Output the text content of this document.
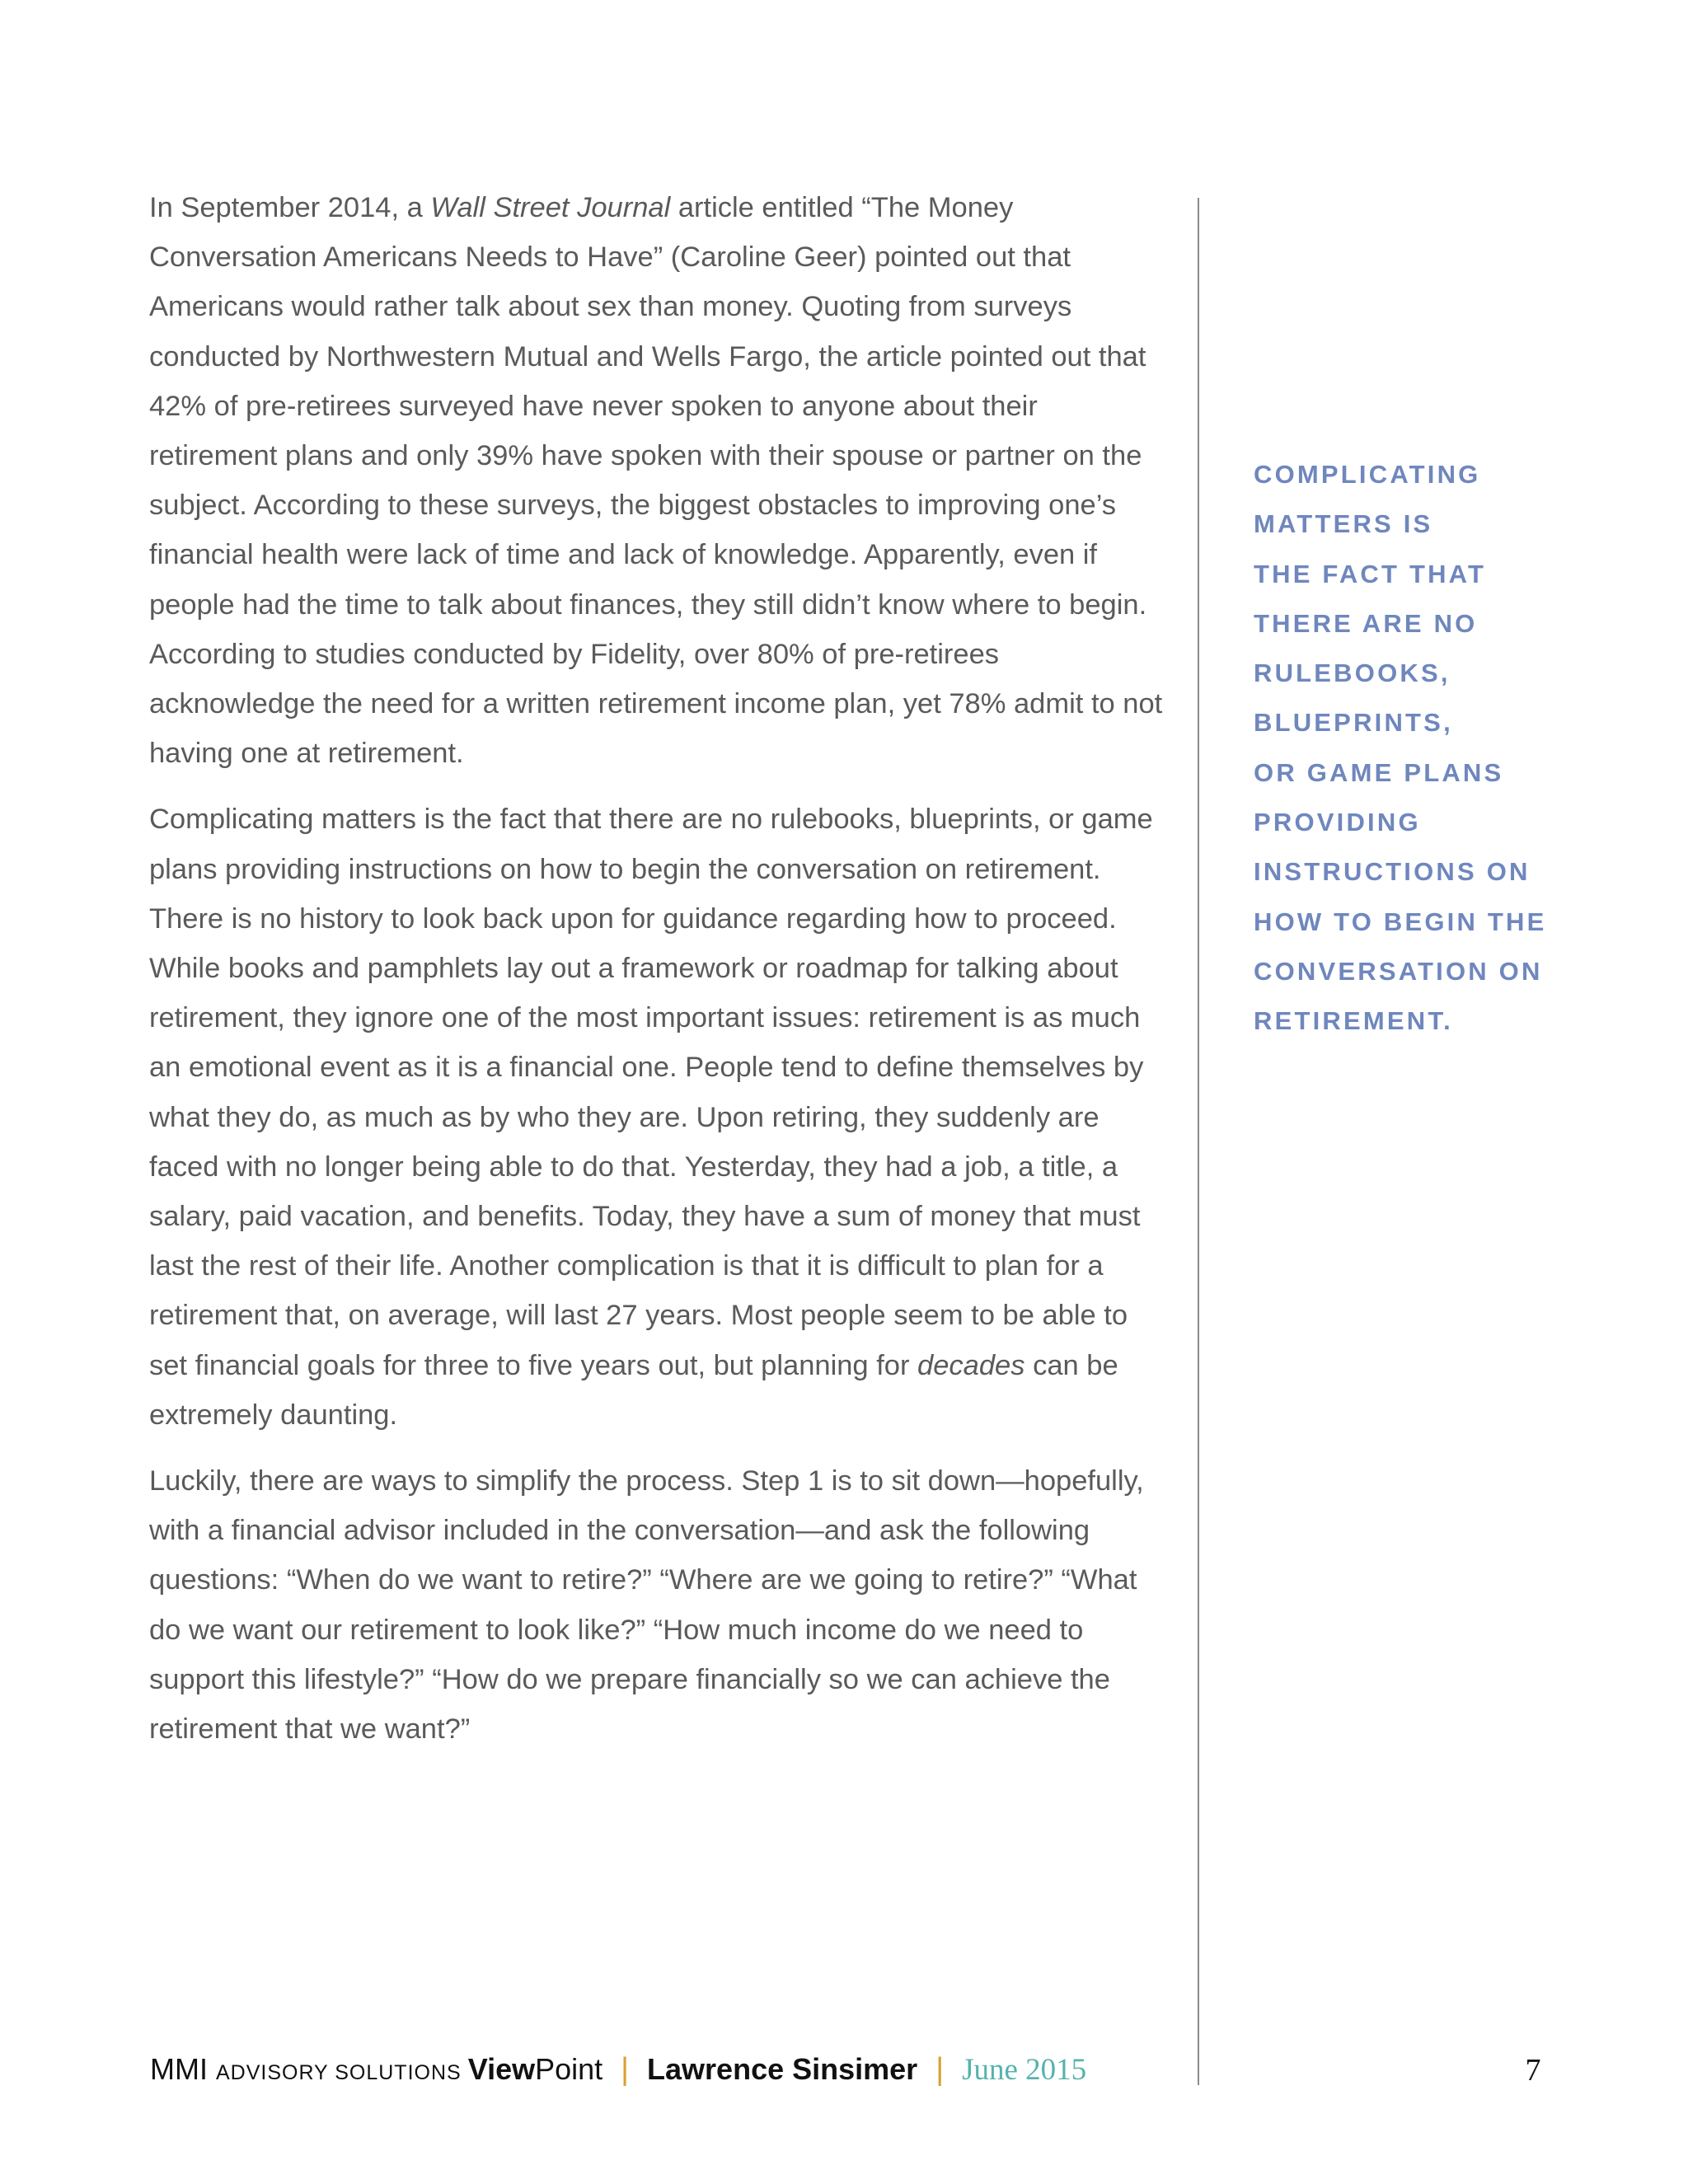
In September 2014, a Wall Street Journal article entitled “The Money Conversation Americans Needs to Have” (Caroline Geer) pointed out that Americans would rather talk about sex than money. Quoting from surveys conducted by Northwestern Mutual and Wells Fargo, the article pointed out that 42% of pre-retirees surveyed have never spoken to anyone about their retirement plans and only 39% have spoken with their spouse or partner on the subject. According to these surveys, the biggest obstacles to improving one’s financial health were lack of time and lack of knowledge. Apparently, even if people had the time to talk about finances, they still didn’t know where to begin. According to studies conducted by Fidelity, over 80% of pre-retirees acknowledge the need for a written retirement income plan, yet 78% admit to not having one at retirement.

Complicating matters is the fact that there are no rulebooks, blueprints, or game plans providing instructions on how to begin the conversation on retirement. There is no history to look back upon for guidance regarding how to proceed. While books and pamphlets lay out a framework or roadmap for talking about retirement, they ignore one of the most important issues: retirement is as much an emotional event as it is a financial one. People tend to define themselves by what they do, as much as by who they are. Upon retiring, they suddenly are faced with no longer being able to do that. Yesterday, they had a job, a title, a salary, paid vacation, and benefits. Today, they have a sum of money that must last the rest of their life. Another complication is that it is difficult to plan for a retirement that, on average, will last 27 years. Most people seem to be able to set financial goals for three to five years out, but planning for decades can be extremely daunting.

Luckily, there are ways to simplify the process. Step 1 is to sit down—hopefully, with a financial advisor included in the conversation—and ask the following questions: “When do we want to retire?” “Where are we going to retire?” “What do we want our retirement to look like?” “How much income do we need to support this lifestyle?” “How do we prepare financially so we can achieve the retirement that we want?”

COMPLICATING
MATTERS IS
THE FACT THAT
THERE ARE NO
RULEBOOKS,
BLUEPRINTS,
OR GAME PLANS
PROVIDING
INSTRUCTIONS ON
HOW TO BEGIN THE
CONVERSATION ON
RETIREMENT.
MMI ADVISORY SOLUTIONS View Point | Lawrence Sinsimer | June 2015	7
